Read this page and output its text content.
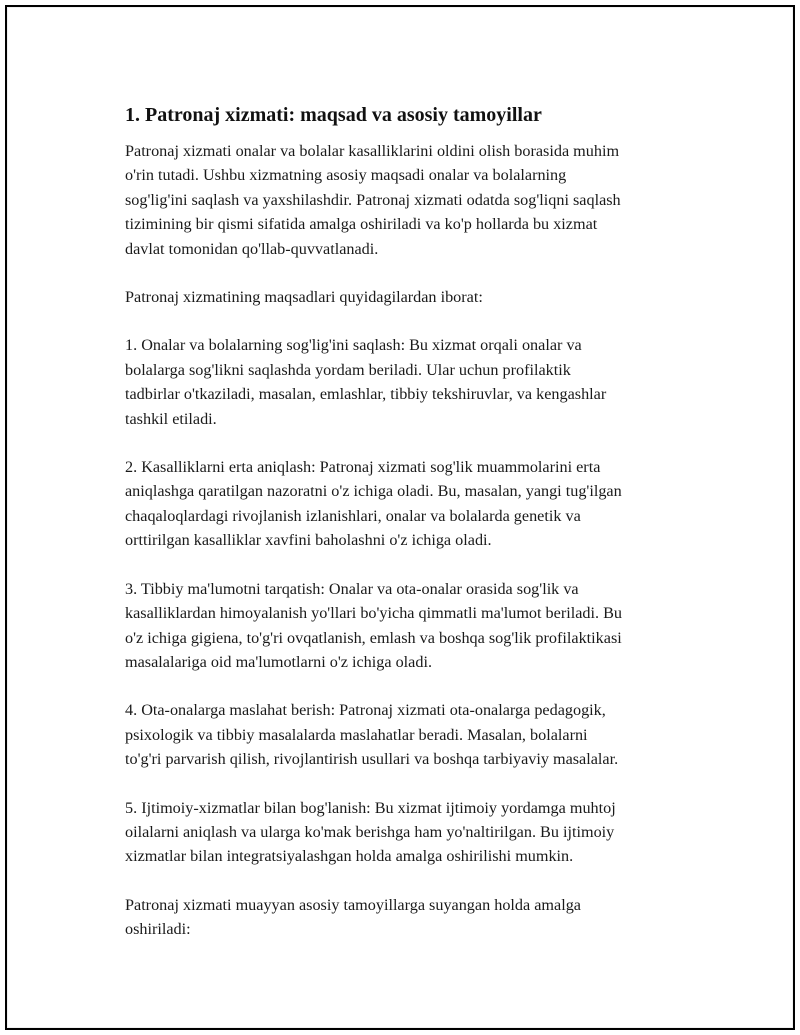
1. Patronaj xizmati: maqsad va asosiy tamoyillar

Patronaj xizmati onalar va bolalar kasalliklarini oldini olish borasida muhim
o'rin tutadi. Ushbu xizmatning asosiy maqsadi onalar va bolalarning
sog'lig'ini saqlash va yaxshilashdir. Patronaj xizmati odatda sog'liqni saqlash
tizimining bir qismi sifatida amalga oshiriladi va ko'p hollarda bu xizmat
davlat tomonidan qo'llab-quvvatlanadi.

Patronaj xizmatining maqsadlari quyidagilardan iborat:

1. Onalar va bolalarning sog'lig'ini saqlash: Bu xizmat orqali onalar va
bolalarga sog'likni saqlashda yordam beriladi. Ular uchun profilaktik
tadbirlar o'tkaziladi, masalan, emlashlar, tibbiy tekshiruvlar, va kengashlar
tashkil etiladi.

2. Kasalliklarni erta aniqlash: Patronaj xizmati sog'lik muammolarini erta
aniqlashga qaratilgan nazoratni o'z ichiga oladi. Bu, masalan, yangi tug'ilgan
chaqaloqlardagi rivojlanish izlanishlari, onalar va bolalarda genetik va
orttirilgan kasalliklar xavfini baholashni o'z ichiga oladi.

3. Tibbiy ma'lumotni tarqatish: Onalar va ota-onalar orasida sog'lik va
kasalliklardan himoyalanish yo'llari bo'yicha qimmatli ma'lumot beriladi. Bu
o'z ichiga gigiena, to'g'ri ovqatlanish, emlash va boshqa sog'lik profilaktikasi
masalalariga oid ma'lumotlarni o'z ichiga oladi.

4. Ota-onalarga maslahat berish: Patronaj xizmati ota-onalarga pedagogik,
psixologik va tibbiy masalalarda maslahatlar beradi. Masalan, bolalarni
to'g'ri parvarish qilish, rivojlantirish usullari va boshqa tarbiyaviy masalalar.

5. Ijtimoiy-xizmatlar bilan bog'lanish: Bu xizmat ijtimoiy yordamga muhtoj
oilalarni aniqlash va ularga ko'mak berishga ham yo'naltirilgan. Bu ijtimoiy
xizmatlar bilan integratsiyalashgan holda amalga oshirilishi mumkin.

Patronaj xizmati muayyan asosiy tamoyillarga suyangan holda amalga
oshiriladi:
